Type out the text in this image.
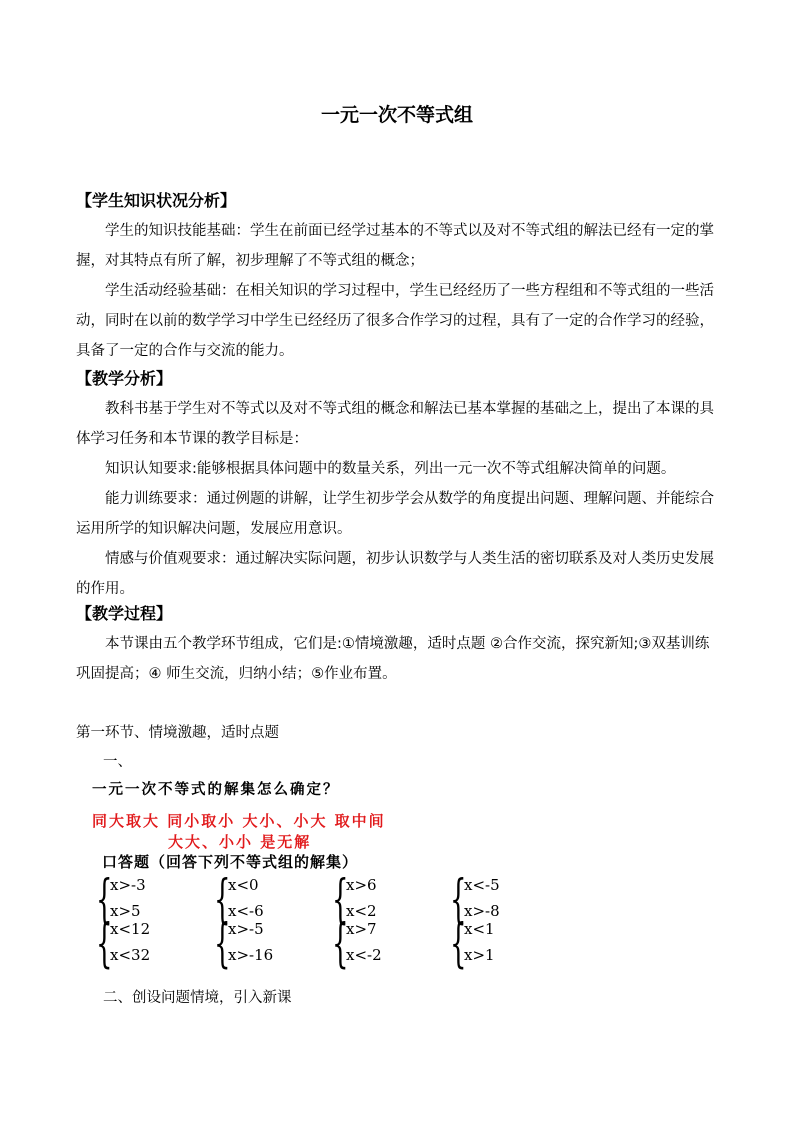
一元一次不等式组
【学生知识状况分析】
学生的知识技能基础：学生在前面已经学过基本的不等式以及对不等式组的解法已经有一定的掌握，对其特点有所了解，初步理解了不等式组的概念；
学生活动经验基础：在相关知识的学习过程中，学生已经经历了一些方程组和不等式组的一些活动，同时在以前的数学学习中学生已经经历了很多合作学习的过程，具有了一定的合作学习的经验，具备了一定的合作与交流的能力。
【教学分析】
教科书基于学生对不等式以及对不等式组的概念和解法已基本掌握的基础之上，提出了本课的具体学习任务和本节课的教学目标是：
知识认知要求:能够根据具体问题中的数量关系，列出一元一次不等式组解决简单的问题。
能力训练要求：通过例题的讲解，让学生初步学会从数学的角度提出问题、理解问题、并能综合运用所学的知识解决问题，发展应用意识。
情感与价值观要求：通过解决实际问题，初步认识数学与人类生活的密切联系及对人类历史发展的作用。
【教学过程】
本节课由五个教学环节组成，它们是:①情境激趣，适时点题 ②合作交流，探究新知;③双基训练 巩固提高；④ 师生交流，归纳小结；⑤作业布置。
第一环节、情境激趣，适时点题
一、
一元一次不等式的解集怎么确定？
同大取大 同小取小 大小、小大 取中间
大大、小小 是无解
口答题（回答下列不等式组的解集）
{
x>-3
x>5 {
x<0
x<-6 {
x>6
x<2 {
x<-5
x>-8
{
x<12
x<32 {
x>-5
x>-16 {
x>7
x<-2 {
x<1
x>1
二、创设问题情境，引入新课
